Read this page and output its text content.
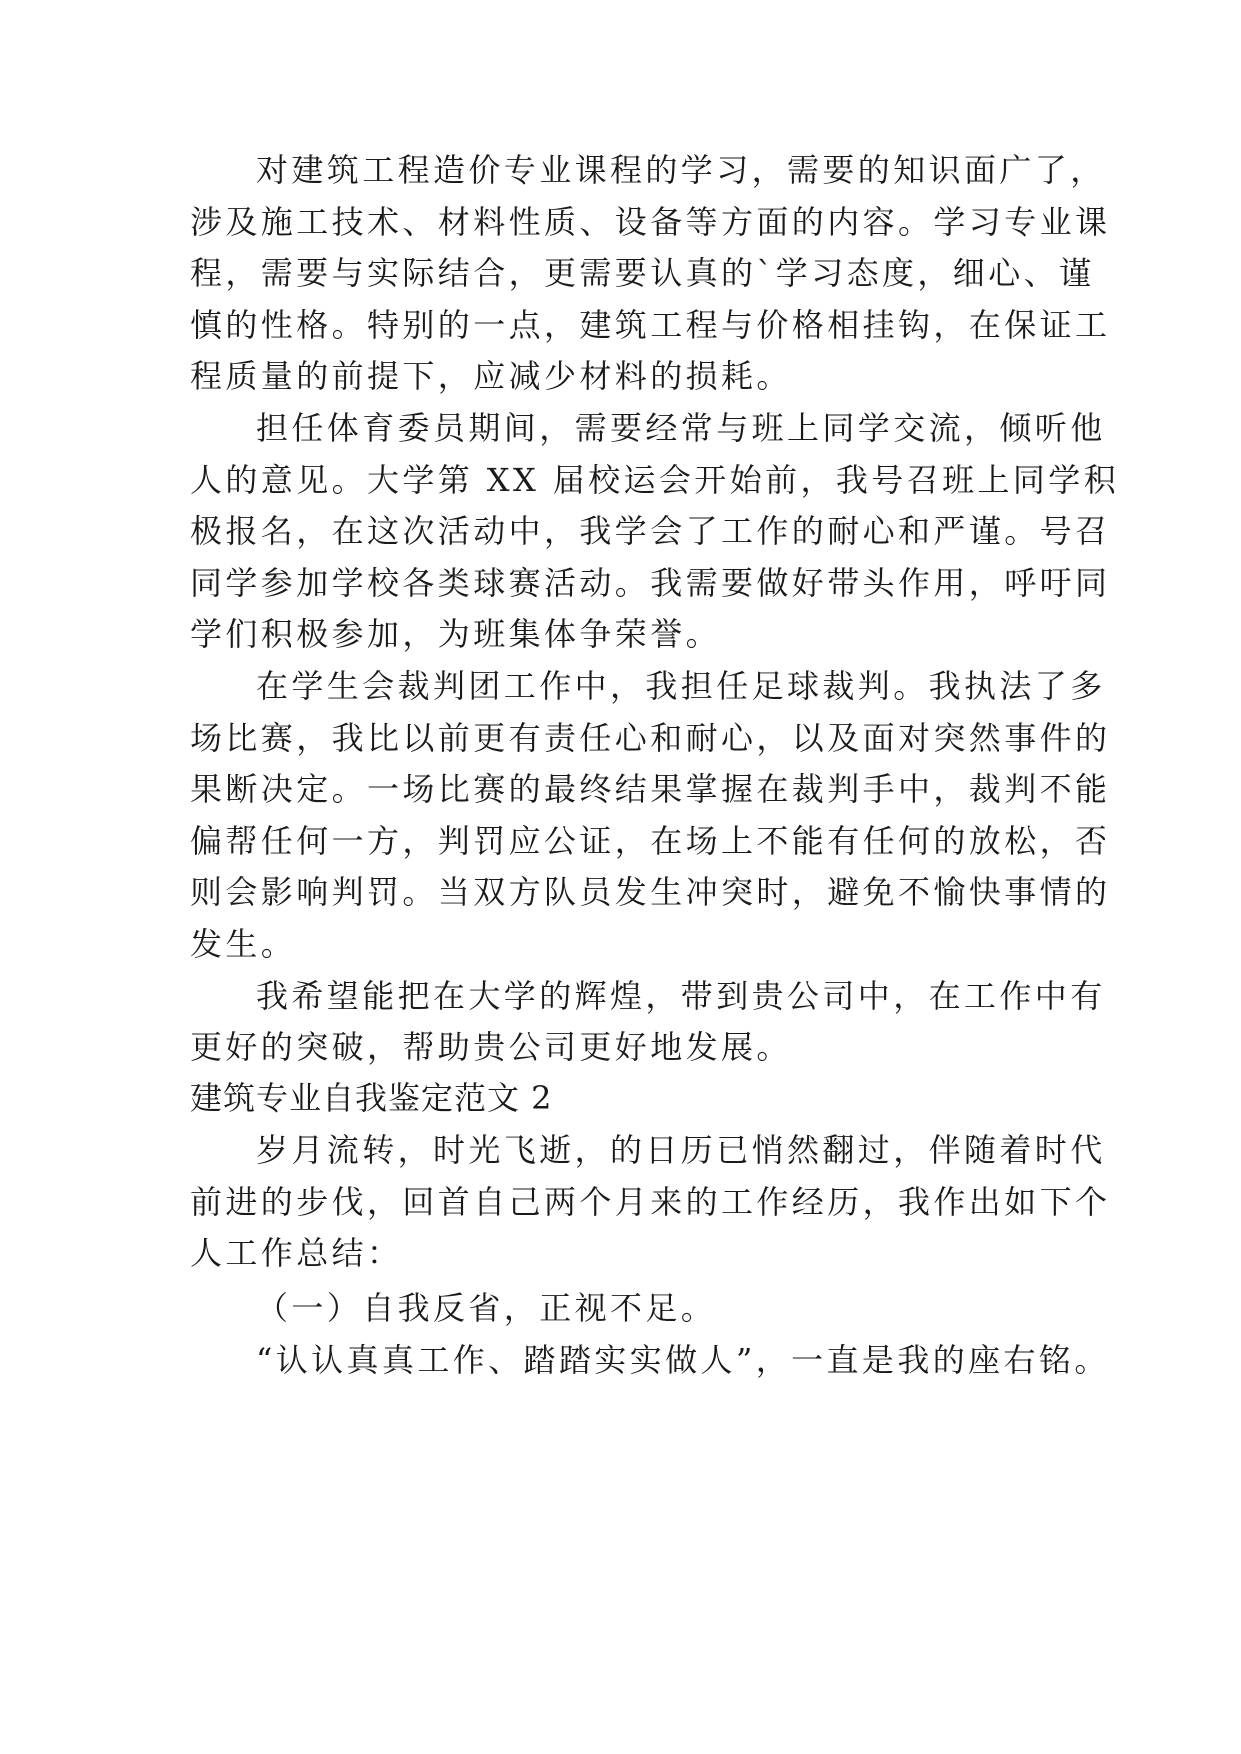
对建筑工程造价专业课程的学习，需要的知识面广了，
涉及施工技术、材料性质、设备等方面的内容。学习专业课
程，需要与实际结合，更需要认真的`学习态度，细心、谨
慎的性格。特别的一点，建筑工程与价格相挂钩，在保证工
程质量的前提下，应减少材料的损耗。
担任体育委员期间，需要经常与班上同学交流，倾听他
人的意见。大学第 XX 届校运会开始前，我号召班上同学积
极报名，在这次活动中，我学会了工作的耐心和严谨。号召
同学参加学校各类球赛活动。我需要做好带头作用，呼吁同
学们积极参加，为班集体争荣誉。
在学生会裁判团工作中，我担任足球裁判。我执法了多
场比赛，我比以前更有责任心和耐心，以及面对突然事件的
果断决定。一场比赛的最终结果掌握在裁判手中，裁判不能
偏帮任何一方，判罚应公证，在场上不能有任何的放松，否
则会影响判罚。当双方队员发生冲突时，避免不愉快事情的
发生。
我希望能把在大学的辉煌，带到贵公司中，在工作中有
更好的突破，帮助贵公司更好地发展。
建筑专业自我鉴定范文 2
岁月流转，时光飞逝，的日历已悄然翻过，伴随着时代
前进的步伐，回首自己两个月来的工作经历，我作出如下个
人工作总结：
（一）自我反省，正视不足。
“认认真真工作、踏踏实实做人”，一直是我的座右铭。
